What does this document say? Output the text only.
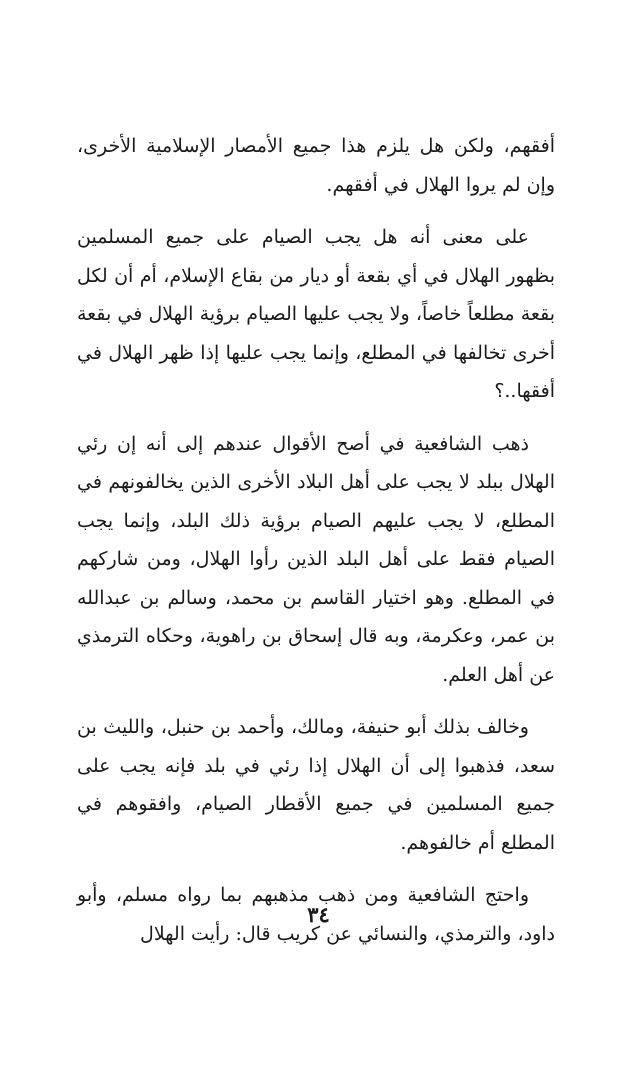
أفقهم، ولكن هل يلزم هذا جميع الأمصار الإسلامية الأخرى، وإن لم يروا الهلال في أفقهم.

على معنى أنه هل يجب الصيام على جميع المسلمين بظهور الهلال في أي بقعة أو ديار من بقاع الإسلام، أم أن لكل بقعة مطلعاً خاصاً، ولا يجب عليها الصيام برؤية الهلال في بقعة أخرى تخالفها في المطلع، وإنما يجب عليها إذا ظهر الهلال في أفقها..؟

ذهب الشافعية في أصح الأقوال عندهم إلى أنه إن رئي الهلال ببلد لا يجب على أهل البلاد الأخرى الذين يخالفونهم في المطلع، لا يجب عليهم الصيام برؤية ذلك البلد، وإنما يجب الصيام فقط على أهل البلد الذين رأوا الهلال، ومن شاركهم في المطلع. وهو اختيار القاسم بن محمد، وسالم بن عبدالله بن عمر، وعكرمة، وبه قال إسحاق بن راهوية، وحكاه الترمذي عن أهل العلم.

وخالف بذلك أبو حنيفة، ومالك، وأحمد بن حنبل، والليث بن سعد، فذهبوا إلى أن الهلال إذا رئي في بلد فإنه يجب على جميع المسلمين في جميع الأقطار الصيام، وافقوهم في المطلع أم خالفوهم.

واحتج الشافعية ومن ذهب مذهبهم بما رواه مسلم، وأبو داود، والترمذي، والنسائي عن كريب قال: رأيت الهلال

٣٤
